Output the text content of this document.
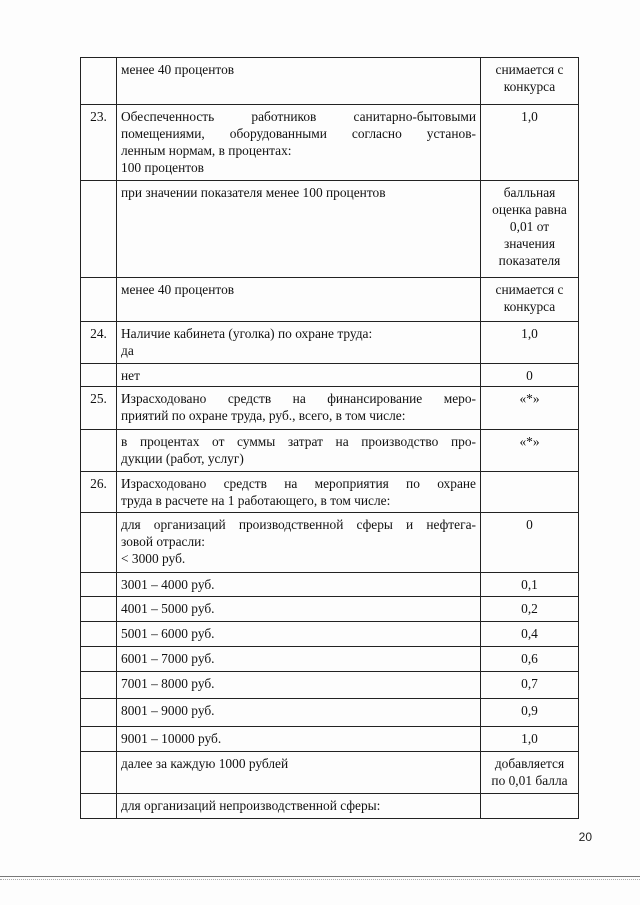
	менее 40 процентов	снимается с
конкурса

23.	Обеспеченность работников санитарно-бытовыми
помещениями, оборудованными согласно установ-
ленным нормам, в процентах:
100 процентов	1,0

	при значении показателя менее 100 процентов	балльная
оценка равна
0,01 от
значения
показателя

	менее 40 процентов	снимается с
конкурса

24.	Наличие кабинета (уголка) по охране труда:
да	1,0

	нет	0

25.	Израсходовано средств на финансирование меро-
приятий по охране труда, руб., всего, в том числе:	«*»

	в процентах от суммы затрат на производство про-
дукции (работ, услуг)	«*»

26.	Израсходовано средств на мероприятия по охране
труда в расчете на 1 работающего, в том числе:	

	для организаций производственной сферы и нефтега-
зовой отрасли:
< 3000 руб.	0

	3001 – 4000 руб.	0,1

	4001 – 5000 руб.	0,2

	5001 – 6000 руб.	0,4

	6001 – 7000 руб.	0,6

	7001 – 8000 руб.	0,7

	8001 – 9000 руб.	0,9

	9001 – 10000 руб.	1,0

	далее за каждую 1000 рублей	добавляется
по 0,01 балла

	для организаций непроизводственной сферы:	

20
